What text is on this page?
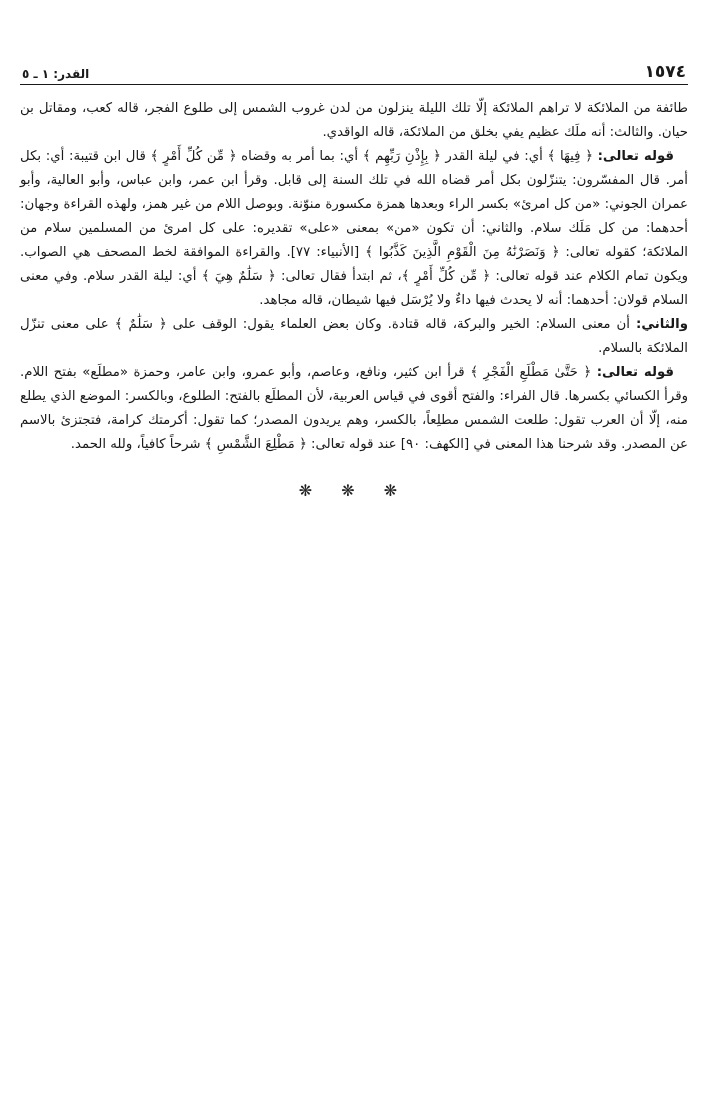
١٥٧٤
القدر: ١ ـ ٥

طائفة من الملائكة لا تراهم الملائكة إلّا تلك الليلة ينزلون من لدن غروب الشمس إلى طلوع الفجر، قاله كعب، ومقاتل بن حيان. والثالث: أنه ملَك عظيم يفي بخلق من الملائكة، قاله الواقدي.

قوله تعالى: ﴿ فِيهَا ﴾ أي: في ليلة القدر ﴿ بِإِذْنِ رَبِّهِم ﴾ أي: بما أمر به وقضاه ﴿ مِّن كُلِّ أَمْرٍ ﴾ قال ابن قتيبة: أي: بكل أمر. قال المفسّرون: يتنزّلون بكل أمر قضاه الله في تلك السنة إلى قابل. وقرأ ابن عمر، وابن عباس، وأبو العالية، وأبو عمران الجوني: «من كل امرئ» بكسر الراء وبعدها همزة مكسورة منوّنة. وبوصل اللام من غير همز، ولهذه القراءة وجهان: أحدهما: من كل مَلَك سلام. والثاني: أن تكون «من» بمعنى «على» تقديره: على كل امرئ من المسلمين سلام من الملائكة؛ كقوله تعالى: ﴿ وَنَصَرْنَٰهُ مِنَ الْقَوْمِ الَّذِينَ كَذَّبُوا ﴾ [الأنبياء: ٧٧]. والقراءة الموافقة لخط المصحف هي الصواب. ويكون تمام الكلام عند قوله تعالى: ﴿ مِّن كُلِّ أَمْرٍ ﴾، ثم ابتدأ فقال تعالى: ﴿ سَلَٰمٌ هِيَ ﴾ أي: ليلة القدر سلام. وفي معنى السلام قولان: أحدهما: أنه لا يحدث فيها داءٌ ولا يُرْسَل فيها شيطان، قاله مجاهد.

والثاني: أن معنى السلام: الخير والبركة، قاله قتادة. وكان بعض العلماء يقول: الوقف على ﴿ سَلَٰمٌ ﴾ على معنى تنزّل الملائكة بالسلام.

قوله تعالى: ﴿ حَتَّىٰ مَطْلَعِ الْفَجْرِ ﴾ قرأ ابن كثير، ونافع، وعاصم، وأبو عمرو، وابن عامر، وحمزة «مطلَع» بفتح اللام. وقرأ الكسائي بكسرها. قال الفراء: والفتح أقوى في قياس العربية، لأن المطلَع بالفتح: الطلوع، وبالكسر: الموضع الذي يطلع منه، إلّا أن العرب تقول: طلعت الشمس مطلِعاً، بالكسر، وهم يريدون المصدر؛ كما تقول: أكرمتك كرامة، فتجتزئ بالاسم عن المصدر. وقد شرحنا هذا المعنى في [الكهف: ٩٠] عند قوله تعالى: ﴿ مَطْلِعَ الشَّمْسِ ﴾ شرحاً كافياً، ولله الحمد.

❋ ❋ ❋
